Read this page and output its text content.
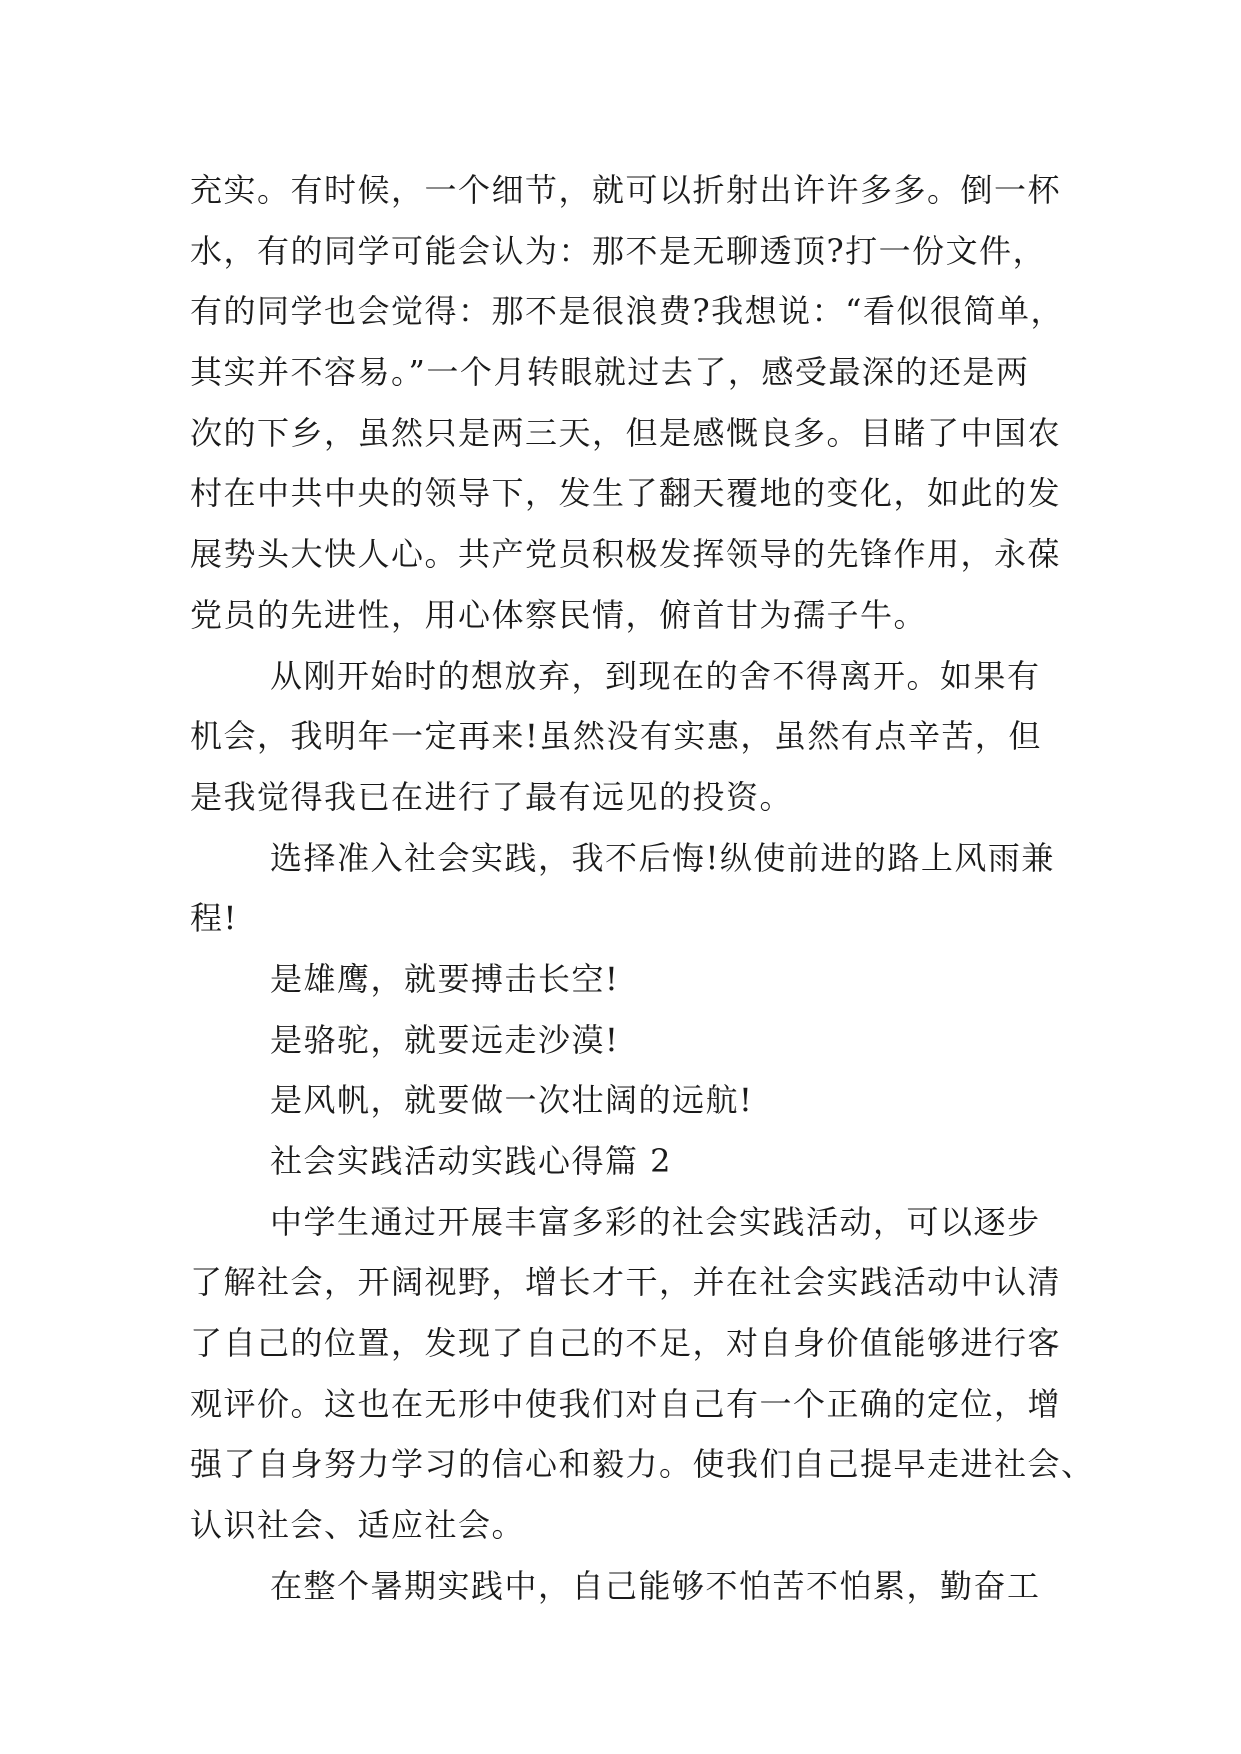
充实。有时候，一个细节，就可以折射出许许多多。倒一杯
水，有的同学可能会认为：那不是无聊透顶?打一份文件，
有的同学也会觉得：那不是很浪费?我想说：“看似很简单，
其实并不容易。”一个月转眼就过去了，感受最深的还是两
次的下乡，虽然只是两三天，但是感慨良多。目睹了中国农
村在中共中央的领导下，发生了翻天覆地的变化，如此的发
展势头大快人心。共产党员积极发挥领导的先锋作用，永葆
党员的先进性，用心体察民情，俯首甘为孺子牛。
从刚开始时的想放弃，到现在的舍不得离开。如果有
机会，我明年一定再来!虽然没有实惠，虽然有点辛苦，但
是我觉得我已在进行了最有远见的投资。
选择准入社会实践，我不后悔!纵使前进的路上风雨兼
程!
是雄鹰，就要搏击长空!
是骆驼，就要远走沙漠!
是风帆，就要做一次壮阔的远航!
社会实践活动实践心得篇 2
中学生通过开展丰富多彩的社会实践活动，可以逐步
了解社会，开阔视野，增长才干，并在社会实践活动中认清
了自己的位置，发现了自己的不足，对自身价值能够进行客
观评价。这也在无形中使我们对自己有一个正确的定位，增
强了自身努力学习的信心和毅力。使我们自己提早走进社会、
认识社会、适应社会。
在整个暑期实践中，自己能够不怕苦不怕累，勤奋工
